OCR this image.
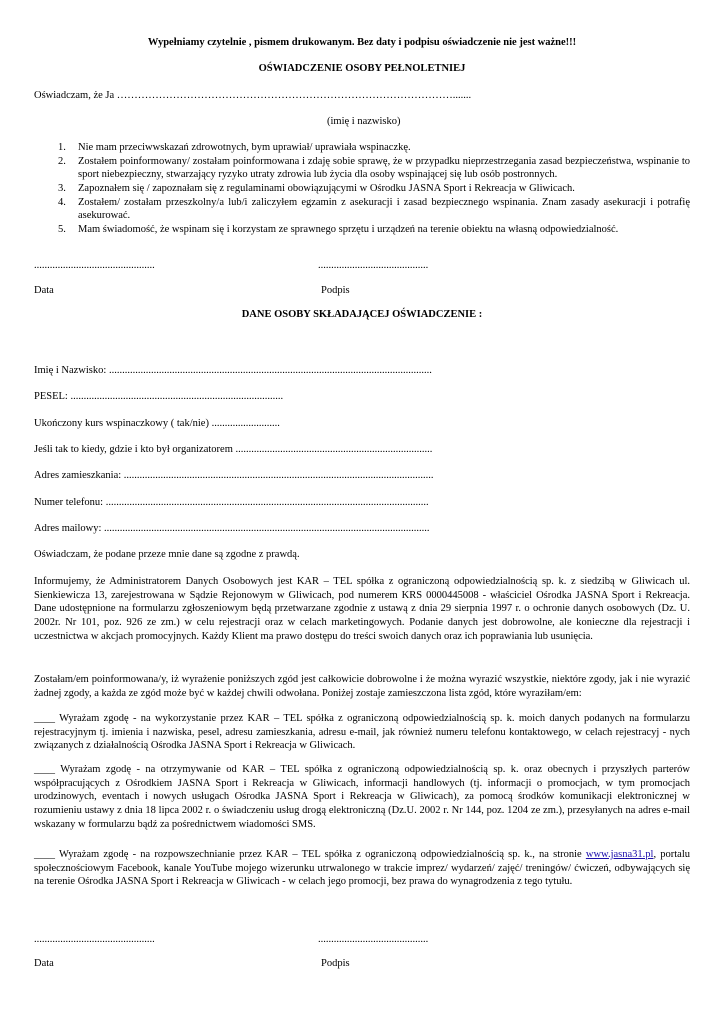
Wypełniamy czytelnie , pismem drukowanym. Bez daty i podpisu oświadczenie nie jest ważne!!!
OŚWIADCZENIE OSOBY PEŁNOLETNIEJ
Oświadczam, że Ja …………………………………………………………………………………….......
(imię i nazwisko)
1. Nie mam przeciwwskazań zdrowotnych, bym uprawiał/ uprawiała wspinaczkę.
2. Zostałem poinformowany/ zostałam poinformowana i zdaję sobie sprawę, że w przypadku nieprzestrzegania zasad bezpieczeństwa, wspinanie to sport niebezpieczny, stwarzający ryzyko utraty zdrowia lub życia dla osoby wspinającej się lub osób postronnych.
3. Zapoznałem się / zapoznałam się z regulaminami obowiązującymi w Ośrodku JASNA Sport i Rekreacja w Gliwicach.
4. Zostałem/ zostałam przeszkolny/a lub/i zaliczyłem egzamin z asekuracji i zasad bezpiecznego wspinania. Znam zasady asekuracji i potrafię asekurować.
5. Mam świadomość, że wspinam się i korzystam ze sprawnego sprzętu i urządzeń na terenie obiektu na własną odpowiedzialność.
..............................................	..........................................
Data	Podpis
DANE OSOBY SKŁADAJĄCEJ OŚWIADCZENIE :
Imię i Nazwisko: ...........................................................................................................................
PESEL: .................................................................................
Ukończony kurs wspinaczkowy ( tak/nie) ..........................
Jeśli tak to kiedy, gdzie i kto był organizatorem ...........................................................................
Adres zamieszkania: ......................................................................................................................
Numer telefonu: ...........................................................................................................................
Adres mailowy: ............................................................................................................................
Oświadczam, że podane przeze mnie dane są zgodne z prawdą.
Informujemy, że Administratorem Danych Osobowych jest KAR – TEL spółka z ograniczoną odpowiedzialnością sp. k. z siedzibą w Gliwicach ul. Sienkiewicza 13, zarejestrowana w Sądzie Rejonowym w Gliwicach, pod numerem KRS 0000445008 - właściciel Ośrodka JASNA Sport i Rekreacja. Dane udostępnione na formularzu zgłoszeniowym będą przetwarzane zgodnie z ustawą z dnia 29 sierpnia 1997 r. o ochronie danych osobowych (Dz. U. 2002r. Nr 101, poz. 926 ze zm.) w celu rejestracji oraz w celach marketingowych. Podanie danych jest dobrowolne, ale konieczne dla rejestracji i uczestnictwa w akcjach promocyjnych. Każdy Klient ma prawo dostępu do treści swoich danych oraz ich poprawiania lub usunięcia.
Zostałam/em poinformowana/y, iż wyrażenie poniższych zgód jest całkowicie dobrowolne i że można wyrazić wszystkie, niektóre zgody, jak i nie wyrazić żadnej zgody, a każda ze zgód może być w każdej chwili odwołana. Poniżej zostaje zamieszczona lista zgód, które wyraziłam/em:
____ Wyrażam zgodę - na wykorzystanie przez KAR – TEL spółka z ograniczoną odpowiedzialnością sp. k. moich danych podanych na formularzu rejestracyjnym tj. imienia i nazwiska, pesel, adresu zamieszkania, adresu e-mail, jak również numeru telefonu kontaktowego, w celach rejestracyj - nych związanych z działalnością Ośrodka JASNA Sport i Rekreacja w Gliwicach.
____ Wyrażam zgodę - na otrzymywanie od KAR – TEL spółka z ograniczoną odpowiedzialnością sp. k. oraz obecnych i przyszłych parterów współpracujących z Ośrodkiem JASNA Sport i Rekreacja w Gliwicach, informacji handlowych (tj. informacji o promocjach, w tym promocjach urodzinowych, eventach i nowych usługach Ośrodka JASNA Sport i Rekreacja w Gliwicach), za pomocą środków komunikacji elektronicznej w rozumieniu ustawy z dnia 18 lipca 2002 r. o świadczeniu usług drogą elektroniczną (Dz.U. 2002 r. Nr 144, poz. 1204 ze zm.), przesyłanych na adres e-mail wskazany w formularzu bądź za pośrednictwem wiadomości SMS.
____ Wyrażam zgodę - na rozpowszechnianie przez KAR – TEL spółka z ograniczoną odpowiedzialnością sp. k., na stronie www.jasna31.pl, portalu społecznościowym Facebook, kanale YouTube mojego wizerunku utrwalonego w trakcie imprez/ wydarzeń/ zajęć/ treningów/ ćwiczeń, odbywających się na terenie Ośrodka JASNA Sport i Rekreacja w Gliwicach - w celach jego promocji, bez prawa do wynagrodzenia z tego tytułu.
..............................................	..........................................
Data	Podpis
